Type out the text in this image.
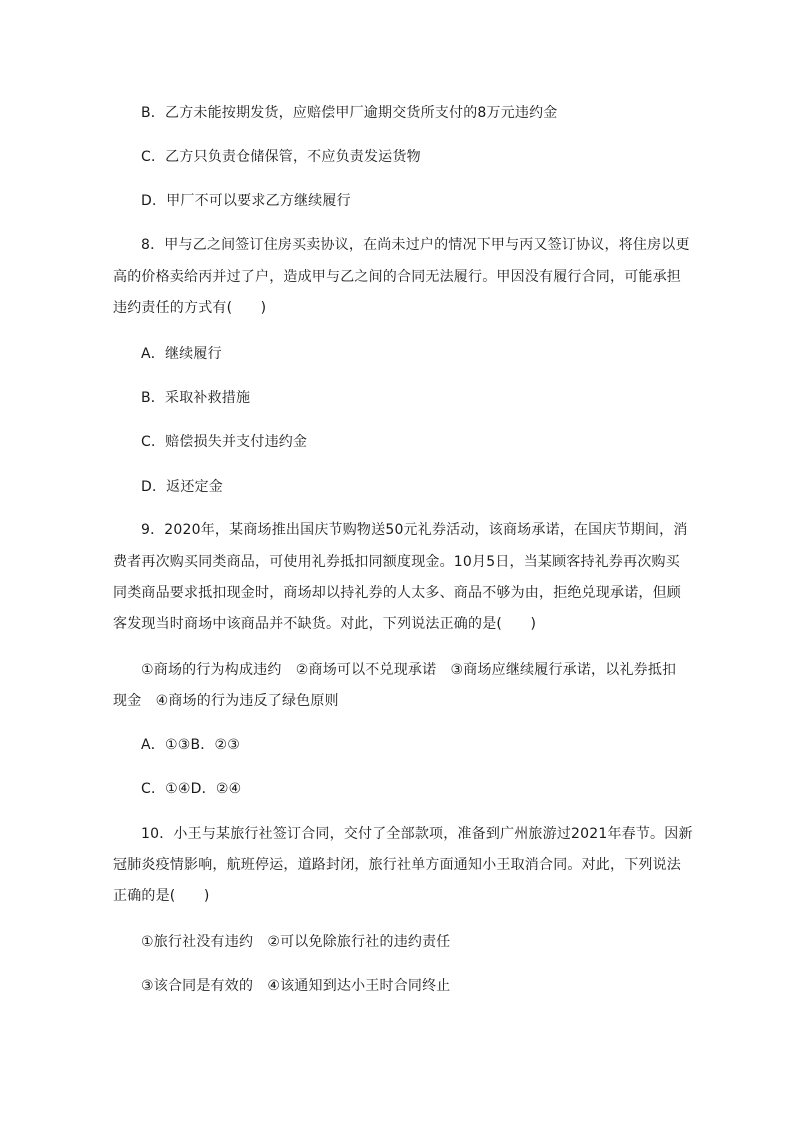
B．乙方未能按期发货，应赔偿甲厂逾期交货所支付的8万元违约金
C．乙方只负责仓储保管，不应负责发运货物
D．甲厂不可以要求乙方继续履行
8．甲与乙之间签订住房买卖协议，在尚未过户的情况下甲与丙又签订协议，将住房以更
高的价格卖给丙并过了户，造成甲与乙之间的合同无法履行。甲因没有履行合同，可能承担
违约责任的方式有(　　)
A．继续履行
B．采取补救措施
C．赔偿损失并支付违约金
D．返还定金
9．2020年，某商场推出国庆节购物送50元礼券活动，该商场承诺，在国庆节期间，消
费者再次购买同类商品，可使用礼券抵扣同额度现金。10月5日，当某顾客持礼券再次购买
同类商品要求抵扣现金时，商场却以持礼券的人太多、商品不够为由，拒绝兑现承诺，但顾
客发现当时商场中该商品并不缺货。对此，下列说法正确的是(　　)
①商场的行为构成违约　②商场可以不兑现承诺　③商场应继续履行承诺，以礼券抵扣
现金　④商场的行为违反了绿色原则
A．①③B．②③
C．①④D．②④
10．小王与某旅行社签订合同，交付了全部款项，准备到广州旅游过2021年春节。因新
冠肺炎疫情影响，航班停运，道路封闭，旅行社单方面通知小王取消合同。对此，下列说法
正确的是(　　)
①旅行社没有违约　②可以免除旅行社的违约责任
③该合同是有效的　④该通知到达小王时合同终止
